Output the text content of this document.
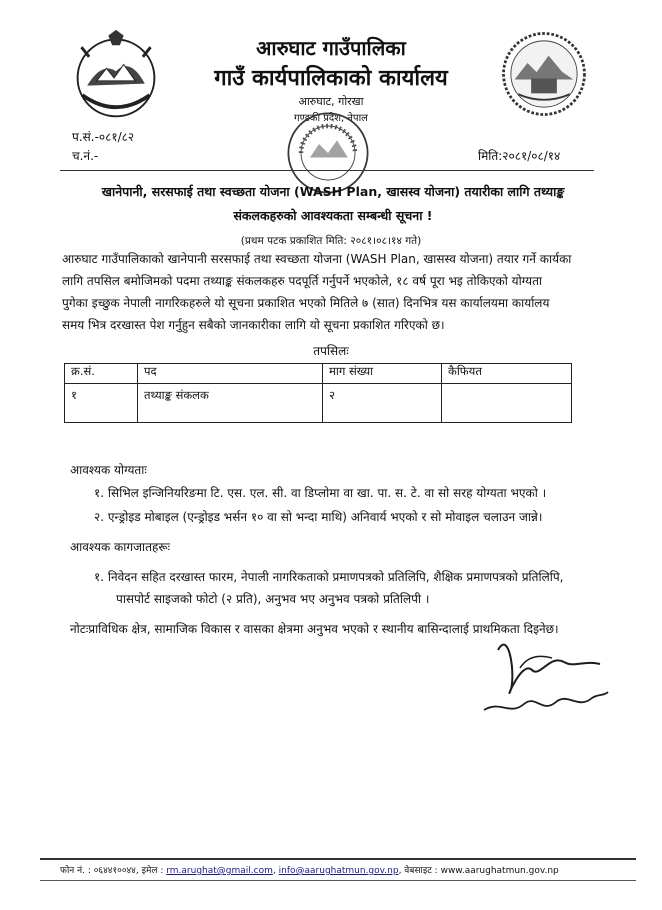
आरुघाट गाउँपालिका
गाउँ कार्यपालिकाको कार्यालय
आरुघाट, गोरखा
गण्डकी प्रदेश, नेपाल
प.सं.-०८१/८२
च.नं.-	मिति:२०८१/०८/१४
खानेपानी, सरसफाई तथा स्वच्छता योजना (WASH Plan, खासस्व योजना) तयारीका लागि तथ्याङ्क
संकलकहरुको आवश्यकता सम्बन्धी सूचना !
(प्रथम पटक प्रकाशित मिति: २०८१।०८।१४ गते)
आरुघाट गाउँपालिकाको खानेपानी सरसफाई तथा स्वच्छता योजना (WASH Plan, खासस्व योजना) तयार गर्ने कार्यका
लागि तपसिल बमोजिमको पदमा तथ्याङ्क संकलकहरु पदपूर्ति गर्नुपर्ने भएकोले, १८ वर्ष पूरा भइ तोकिएको योग्यता
पुगेका इच्छुक नेपाली नागरिकहरुले यो सूचना प्रकाशित भएको मितिले ७ (सात) दिनभित्र यस कार्यालयमा कार्यालय
समय भित्र दरखास्त पेश गर्नुहुन सबैको जानकारीका लागि यो सूचना प्रकाशित गरिएको छ।
तपसिलः
क्र.सं.	पद	माग संख्या	कैफियत
१	तथ्याङ्क संकलक	२	
आवश्यक योग्यताः
१. सिभिल इन्जिनियरिङमा टि. एस. एल. सी. वा डिप्लोमा वा खा. पा. स. टे. वा सो सरह योग्यता भएको ।
२. एन्ड्रोइड मोबाइल (एन्ड्रोइड भर्सन १० वा सो भन्दा माथि) अनिवार्य भएको र सो मोवाइल चलाउन जान्ने।
आवश्यक कागजातहरूः
१. निवेदन सहित दरखास्त फारम, नेपाली नागरिकताको प्रमाणपत्रको प्रतिलिपि, शैक्षिक प्रमाणपत्रको प्रतिलिपि,
पासपोर्ट साइजको फोटो (२ प्रति), अनुभव भए अनुभव पत्रको प्रतिलिपी ।
नोटःप्राविधिक क्षेत्र, सामाजिक विकास र वासका क्षेत्रमा अनुभव भएको र स्थानीय बासिन्दालाई प्राथमिकता दिइनेछ।
फोन नं. : ०६४४१००४४, इमेल : rm.arughat@gmail.com, info@aarughatmun.gov.np, वेबसाइट : www.aarughatmun.gov.np
